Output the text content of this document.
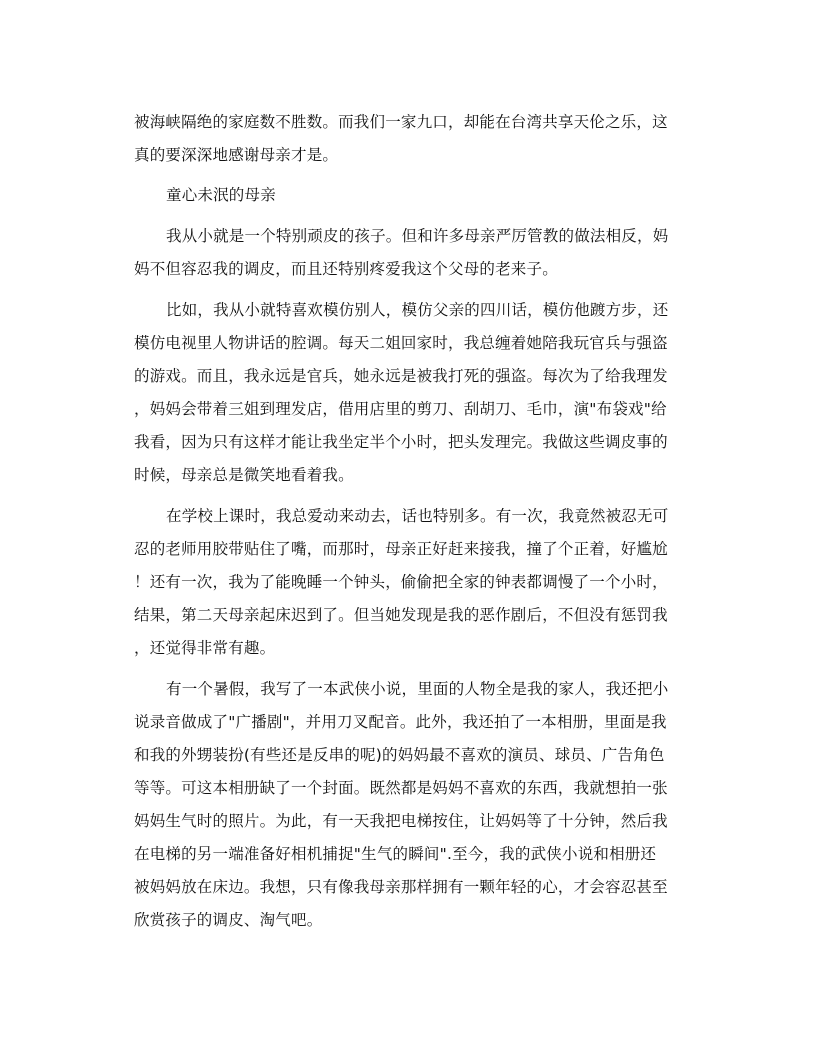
被海峡隔绝的家庭数不胜数。而我们一家九口，却能在台湾共享天伦之乐，这
真的要深深地感谢母亲才是。
童心未泯的母亲
我从小就是一个特别顽皮的孩子。但和许多母亲严厉管教的做法相反，妈
妈不但容忍我的调皮，而且还特别疼爱我这个父母的老来子。
比如，我从小就特喜欢模仿别人，模仿父亲的四川话，模仿他踱方步，还
模仿电视里人物讲话的腔调。每天二姐回家时，我总缠着她陪我玩官兵与强盗
的游戏。而且，我永远是官兵，她永远是被我打死的强盗。每次为了给我理发
，妈妈会带着三姐到理发店，借用店里的剪刀、刮胡刀、毛巾，演"布袋戏"给
我看，因为只有这样才能让我坐定半个小时，把头发理完。我做这些调皮事的
时候，母亲总是微笑地看着我。
在学校上课时，我总爱动来动去，话也特别多。有一次，我竟然被忍无可
忍的老师用胶带贴住了嘴，而那时，母亲正好赶来接我，撞了个正着，好尴尬
！还有一次，我为了能晚睡一个钟头，偷偷把全家的钟表都调慢了一个小时，
结果，第二天母亲起床迟到了。但当她发现是我的恶作剧后，不但没有惩罚我
，还觉得非常有趣。
有一个暑假，我写了一本武侠小说，里面的人物全是我的家人，我还把小
说录音做成了"广播剧"，并用刀叉配音。此外，我还拍了一本相册，里面是我
和我的外甥装扮(有些还是反串的呢)的妈妈最不喜欢的演员、球员、广告角色
等等。可这本相册缺了一个封面。既然都是妈妈不喜欢的东西，我就想拍一张
妈妈生气时的照片。为此，有一天我把电梯按住，让妈妈等了十分钟，然后我
在电梯的另一端准备好相机捕捉"生气的瞬间".至今，我的武侠小说和相册还
被妈妈放在床边。我想，只有像我母亲那样拥有一颗年轻的心，才会容忍甚至
欣赏孩子的调皮、淘气吧。
